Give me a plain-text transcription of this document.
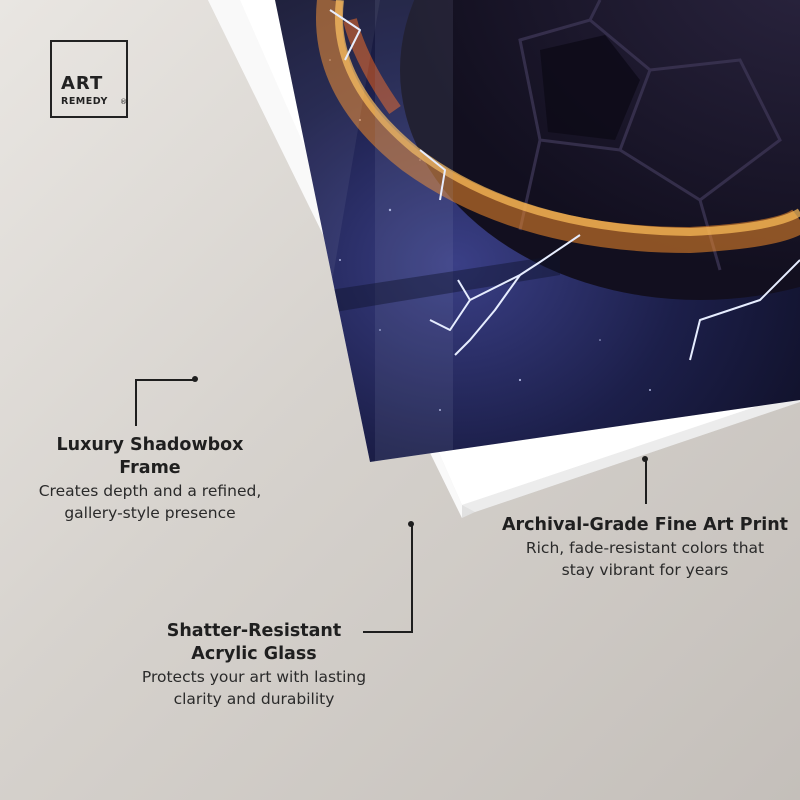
ART
REMEDY ®
Luxury Shadowbox
Frame
Creates depth and a refined,
gallery-style presence
Archival-Grade Fine Art Print
Rich, fade-resistant colors that
stay vibrant for years
Shatter-Resistant
Acrylic Glass
Protects your art with lasting
clarity and durability
